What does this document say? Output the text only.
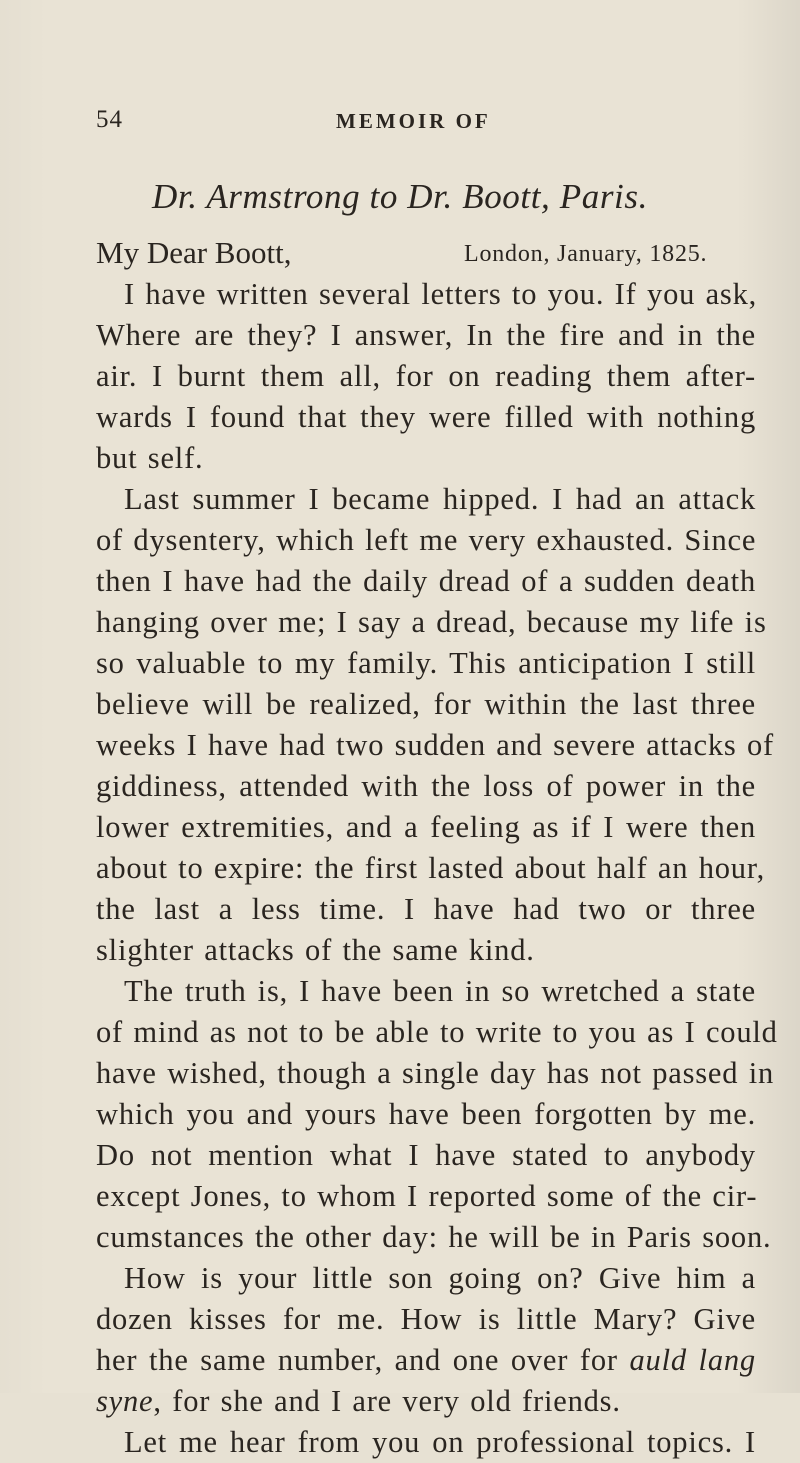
54	MEMOIR OF
Dr. Armstrong to Dr. Boott, Paris.
My Dear Boott,	London, January, 1825.
I have written several letters to you. If you ask,
Where are they? I answer, In the fire and in the
air. I burnt them all, for on reading them after-
wards I found that they were filled with nothing
but self.
Last summer I became hipped. I had an attack
of dysentery, which left me very exhausted. Since
then I have had the daily dread of a sudden death
hanging over me; I say a dread, because my life is
so valuable to my family. This anticipation I still
believe will be realized, for within the last three
weeks I have had two sudden and severe attacks of
giddiness, attended with the loss of power in the
lower extremities, and a feeling as if I were then
about to expire: the first lasted about half an hour,
the last a less time. I have had two or three
slighter attacks of the same kind.
The truth is, I have been in so wretched a state
of mind as not to be able to write to you as I could
have wished, though a single day has not passed in
which you and yours have been forgotten by me.
Do not mention what I have stated to anybody
except Jones, to whom I reported some of the cir-
cumstances the other day: he will be in Paris soon.
How is your little son going on? Give him a
dozen kisses for me. How is little Mary? Give
her the same number, and one over for auld lang
syne, for she and I are very old friends.
Let me hear from you on professional topics. I
